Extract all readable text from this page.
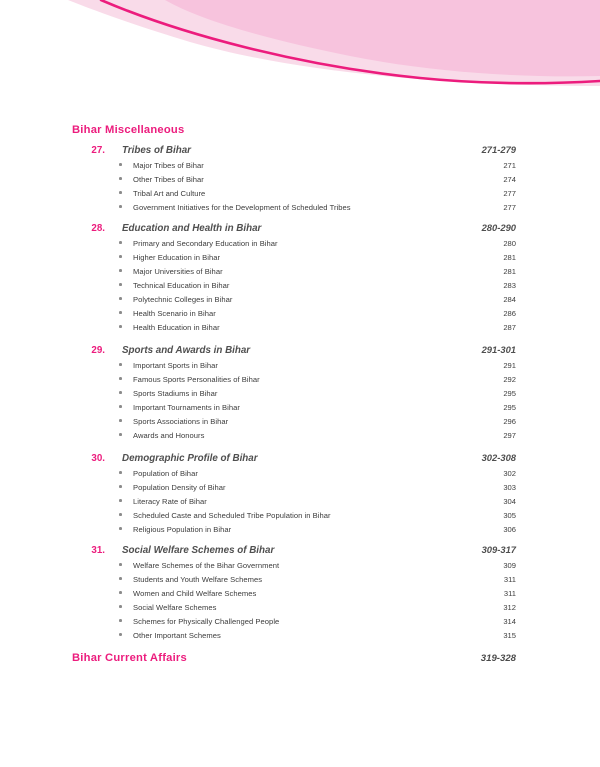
Bihar Miscellaneous
27. Tribes of Bihar	271-279
Major Tribes of Bihar	271
Other Tribes of Bihar	274
Tribal Art and Culture	277
Government Initiatives for the Development of Scheduled Tribes	277
28. Education and Health in Bihar	280-290
Primary and Secondary Education in Bihar	280
Higher Education in Bihar	281
Major Universities of Bihar	281
Technical Education in Bihar	283
Polytechnic Colleges in Bihar	284
Health Scenario in Bihar	286
Health Education in Bihar	287
29. Sports and Awards in Bihar	291-301
Important Sports in Bihar	291
Famous Sports Personalities of Bihar	292
Sports Stadiums in Bihar	295
Important Tournaments in Bihar	295
Sports Associations in Bihar	296
Awards and Honours	297
30. Demographic Profile of Bihar	302-308
Population of Bihar	302
Population Density of Bihar	303
Literacy Rate of Bihar	304
Scheduled Caste and Scheduled Tribe Population in Bihar	305
Religious Population in Bihar	306
31. Social Welfare Schemes of Bihar	309-317
Welfare Schemes of the Bihar Government	309
Students and Youth Welfare Schemes	311
Women and Child Welfare Schemes	311
Social Welfare Schemes	312
Schemes for Physically Challenged People	314
Other Important Schemes	315
Bihar Current Affairs	319-328
